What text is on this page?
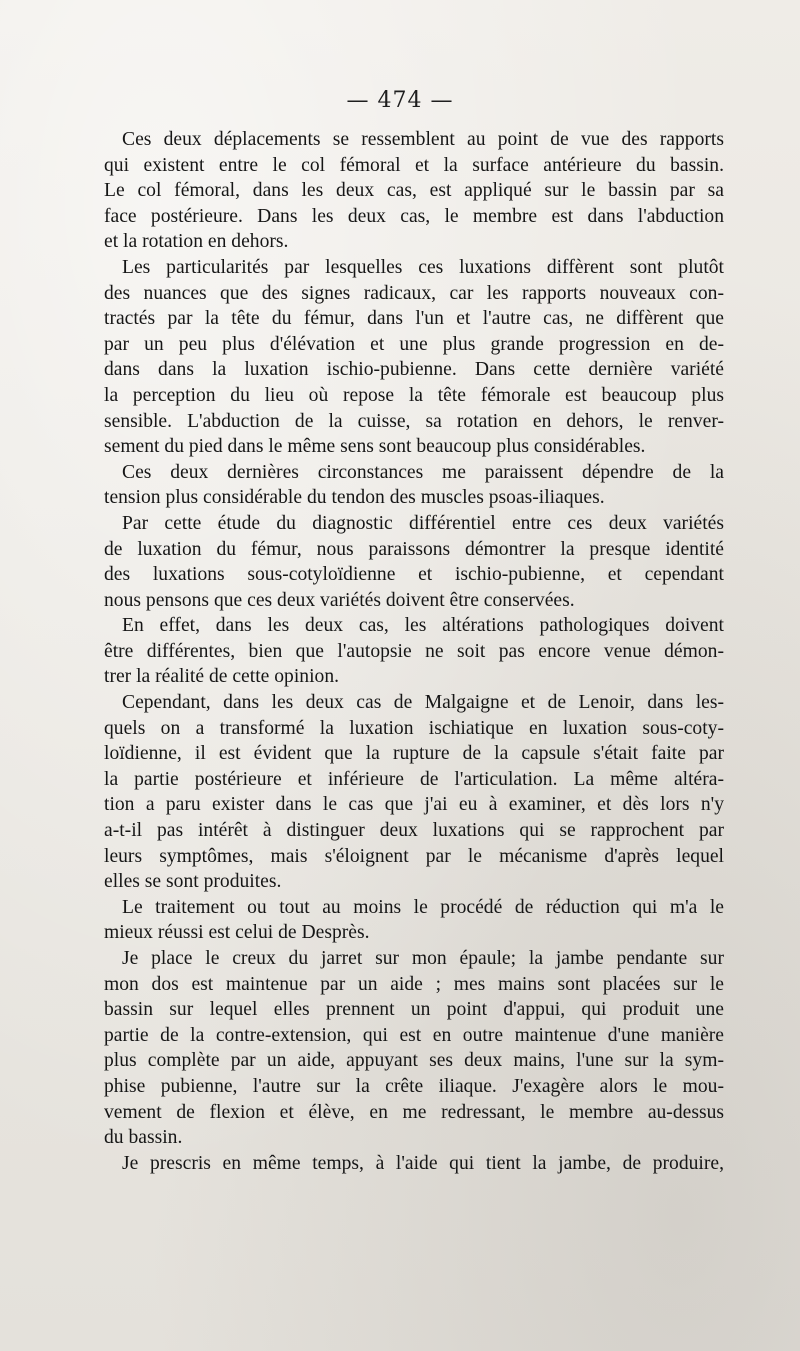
— 474 —
Ces deux déplacements se ressemblent au point de vue des rapports
qui existent entre le col fémoral et la surface antérieure du bassin.
Le col fémoral, dans les deux cas, est appliqué sur le bassin par sa
face postérieure. Dans les deux cas, le membre est dans l'abduction
et la rotation en dehors.
Les particularités par lesquelles ces luxations diffèrent sont plutôt
des nuances que des signes radicaux, car les rapports nouveaux con-
tractés par la tête du fémur, dans l'un et l'autre cas, ne diffèrent que
par un peu plus d'élévation et une plus grande progression en de-
dans dans la luxation ischio-pubienne. Dans cette dernière variété
la perception du lieu où repose la tête fémorale est beaucoup plus
sensible. L'abduction de la cuisse, sa rotation en dehors, le renver-
sement du pied dans le même sens sont beaucoup plus considérables.
Ces deux dernières circonstances me paraissent dépendre de la
tension plus considérable du tendon des muscles psoas-iliaques.
Par cette étude du diagnostic différentiel entre ces deux variétés
de luxation du fémur, nous paraissons démontrer la presque identité
des luxations sous-cotyloïdienne et ischio-pubienne, et cependant
nous pensons que ces deux variétés doivent être conservées.
En effet, dans les deux cas, les altérations pathologiques doivent
être différentes, bien que l'autopsie ne soit pas encore venue démon-
trer la réalité de cette opinion.
Cependant, dans les deux cas de Malgaigne et de Lenoir, dans les-
quels on a transformé la luxation ischiatique en luxation sous-coty-
loïdienne, il est évident que la rupture de la capsule s'était faite par
la partie postérieure et inférieure de l'articulation. La même altéra-
tion a paru exister dans le cas que j'ai eu à examiner, et dès lors n'y
a-t-il pas intérêt à distinguer deux luxations qui se rapprochent par
leurs symptômes, mais s'éloignent par le mécanisme d'après lequel
elles se sont produites.
Le traitement ou tout au moins le procédé de réduction qui m'a le
mieux réussi est celui de Desprès.
Je place le creux du jarret sur mon épaule; la jambe pendante sur
mon dos est maintenue par un aide ; mes mains sont placées sur le
bassin sur lequel elles prennent un point d'appui, qui produit une
partie de la contre-extension, qui est en outre maintenue d'une manière
plus complète par un aide, appuyant ses deux mains, l'une sur la sym-
phise pubienne, l'autre sur la crête iliaque. J'exagère alors le mou-
vement de flexion et élève, en me redressant, le membre au-dessus
du bassin.
Je prescris en même temps, à l'aide qui tient la jambe, de produire,
